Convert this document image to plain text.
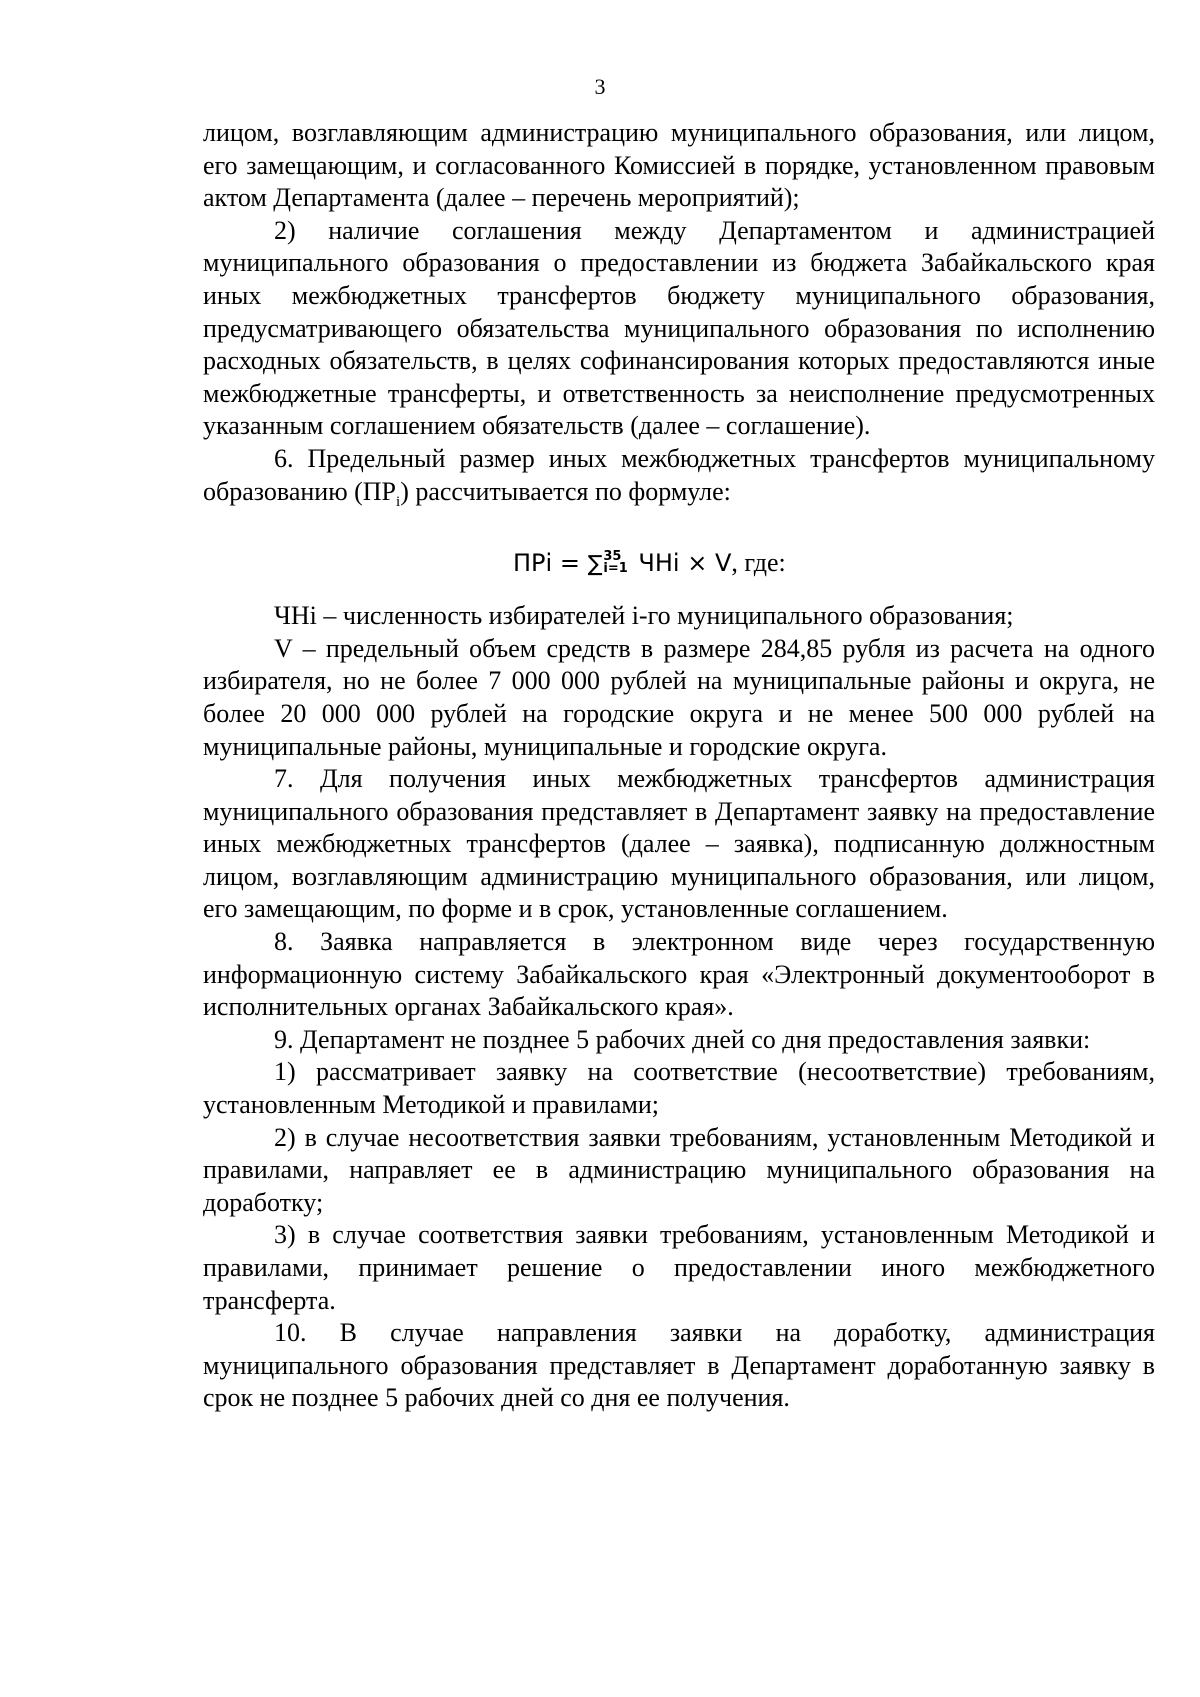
3

лицом, возглавляющим администрацию муниципального образования, или лицом, его замещающим, и согласованного Комиссией в порядке, установленном правовым актом Департамента (далее – перечень мероприятий);

2) наличие соглашения между Департаментом и администрацией муниципального образования о предоставлении из бюджета Забайкальского края иных межбюджетных трансфертов бюджету муниципального образования, предусматривающего обязательства муниципального образования по исполнению расходных обязательств, в целях софинансирования которых предоставляются иные межбюджетные трансферты, и ответственность за неисполнение предусмотренных указанным соглашением обязательств (далее – соглашение).

6. Предельный размер иных межбюджетных трансфертов муниципальному образованию $(ПР_i)$ рассчитывается по формуле:

ПРi = ∑ 35
i=1 ЧНi × V, где:

ЧНi – численность избирателей i-го муниципального образования;

V – предельный объем средств в размере 284,85 рубля из расчета на одного избирателя, но не более 7 000 000 рублей на муниципальные районы и округа, не более 20 000 000 рублей на городские округа и не менее 500 000 рублей на муниципальные районы, муниципальные и городские округа.

7. Для получения иных межбюджетных трансфертов администрация муниципального образования представляет в Департамент заявку на предоставление иных межбюджетных трансфертов (далее – заявка), подписанную должностным лицом, возглавляющим администрацию муниципального образования, или лицом, его замещающим, по форме и в срок, установленные соглашением.

8. Заявка направляется в электронном виде через государственную информационную систему Забайкальского края «Электронный документооборот в исполнительных органах Забайкальского края».

9. Департамент не позднее 5 рабочих дней со дня предоставления заявки:

1) рассматривает заявку на соответствие (несоответствие) требованиям, установленным Методикой и правилами;

2) в случае несоответствия заявки требованиям, установленным Методикой и правилами, направляет ее в администрацию муниципального образования на доработку;

3) в случае соответствия заявки требованиям, установленным Методикой и правилами, принимает решение о предоставлении иного межбюджетного трансферта.

10. В случае направления заявки на доработку, администрация муниципального образования представляет в Департамент доработанную заявку в срок не позднее 5 рабочих дней со дня ее получения.
